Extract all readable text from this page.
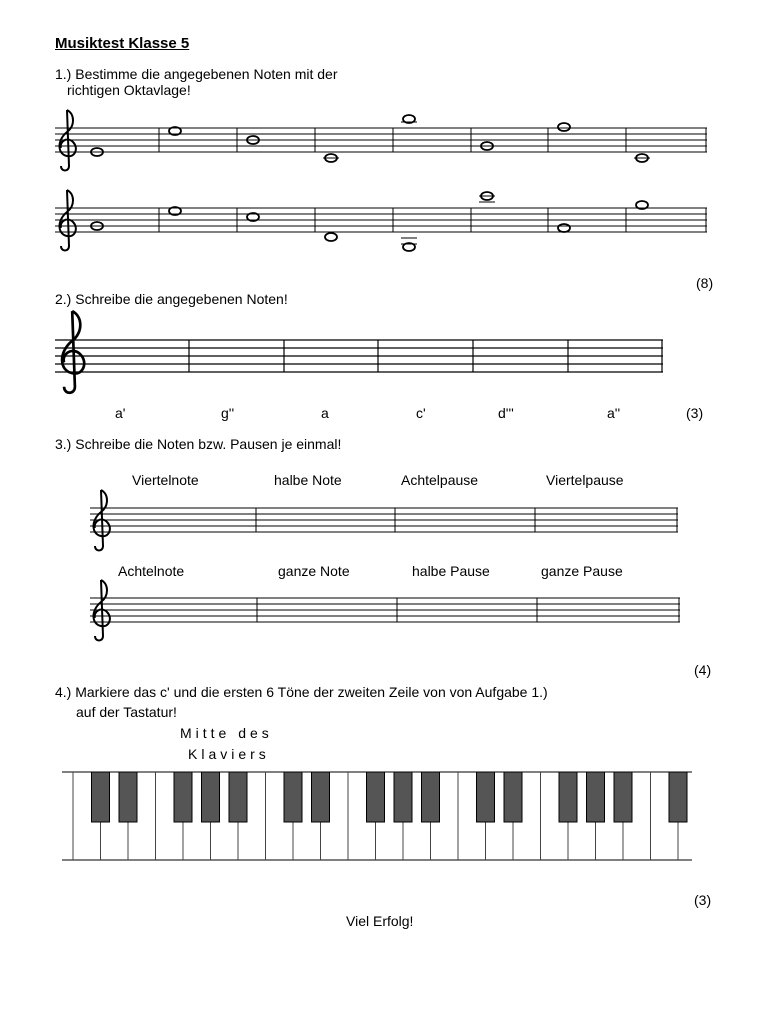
Musiktest Klasse 5
1.) Bestimme die angegebenen Noten mit der
richtigen Oktavlage!
(8)
2.) Schreibe die angegebenen Noten!
a'	g''	a	c'	d'''	a''	(3)
3.) Schreibe die Noten bzw. Pausen je einmal!
Viertelnote	halbe Note	Achtelpause	Viertelpause
Achtelnote	ganze Note	halbe Pause	ganze Pause
(4)
4.) Markiere das c' und die ersten 6 Töne der zweiten Zeile von von Aufgabe 1.)
auf der Tastatur!
Mitte des
Klaviers
(3)
Viel Erfolg!
